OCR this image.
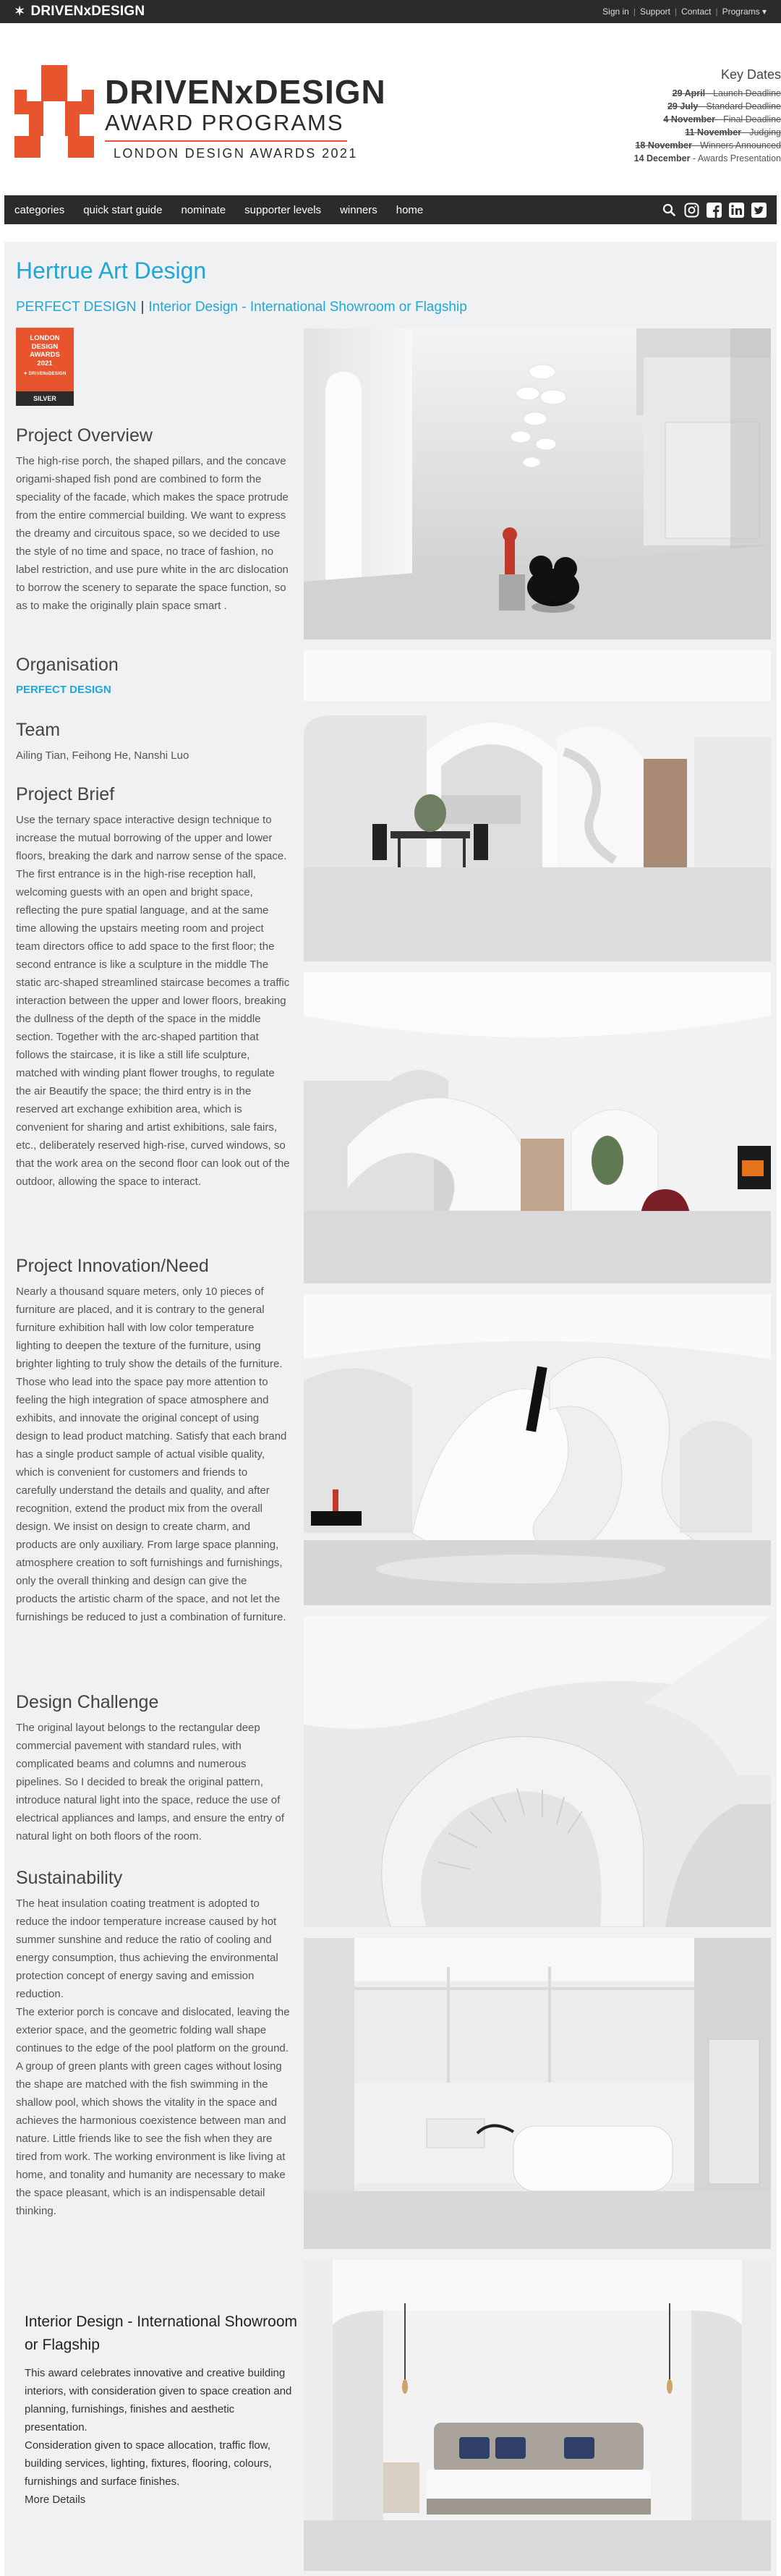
✶ DRIVENxDESIGN	Sign in | Support | Contact | Programs ▾
DRIVENxDESIGN
AWARD PROGRAMS
LONDON DESIGN AWARDS 2021
Key Dates
29 April - Launch Deadline
29 July - Standard Deadline
4 November - Final Deadline
11 November - Judging
18 November - Winners Announced
14 December - Awards Presentation
categories quick start guide nominate supporter levels winners home
Hertrue Art Design
PERFECT DESIGN | Interior Design - International Showroom or Flagship
LONDON
DESIGN
AWARDS
2021
✦ DRIVENxDESIGN
SILVER
Project Overview
The high-rise porch, the shaped pillars, and the concave origami-shaped fish pond are combined to form the speciality of the facade, which makes the space protrude from the entire commercial building. We want to express the dreamy and circuitous space, so we decided to use the style of no time and space, no trace of fashion, no label restriction, and use pure white in the arc dislocation to borrow the scenery to separate the space function, so as to make the originally plain space smart .
Organisation
PERFECT DESIGN
Team
Ailing Tian, Feihong He, Nanshi Luo
Project Brief
Use the ternary space interactive design technique to increase the mutual borrowing of the upper and lower floors, breaking the dark and narrow sense of the space. The first entrance is in the high-rise reception hall, welcoming guests with an open and bright space, reflecting the pure spatial language, and at the same time allowing the upstairs meeting room and project team directors office to add space to the first floor; the second entrance is like a sculpture in the middle The static arc-shaped streamlined staircase becomes a traffic interaction between the upper and lower floors, breaking the dullness of the depth of the space in the middle section. Together with the arc-shaped partition that follows the staircase, it is like a still life sculpture, matched with winding plant flower troughs, to regulate the air Beautify the space; the third entry is in the reserved art exchange exhibition area, which is convenient for sharing and artist exhibitions, sale fairs, etc., deliberately reserved high-rise, curved windows, so that the work area on the second floor can look out of the outdoor, allowing the space to interact.
Project Innovation/Need
Nearly a thousand square meters, only 10 pieces of furniture are placed, and it is contrary to the general furniture exhibition hall with low color temperature lighting to deepen the texture of the furniture, using brighter lighting to truly show the details of the furniture. Those who lead into the space pay more attention to feeling the high integration of space atmosphere and exhibits, and innovate the original concept of using design to lead product matching. Satisfy that each brand has a single product sample of actual visible quality, which is convenient for customers and friends to carefully understand the details and quality, and after recognition, extend the product mix from the overall design. We insist on design to create charm, and products are only auxiliary. From large space planning, atmosphere creation to soft furnishings and furnishings, only the overall thinking and design can give the products the artistic charm of the space, and not let the furnishings be reduced to just a combination of furniture.
Design Challenge
The original layout belongs to the rectangular deep commercial pavement with standard rules, with complicated beams and columns and numerous pipelines. So I decided to break the original pattern, introduce natural light into the space, reduce the use of electrical appliances and lamps, and ensure the entry of natural light on both floors of the room.
Sustainability
The heat insulation coating treatment is adopted to reduce the indoor temperature increase caused by hot summer sunshine and reduce the ratio of cooling and energy consumption, thus achieving the environmental protection concept of energy saving and emission reduction.
The exterior porch is concave and dislocated, leaving the exterior space, and the geometric folding wall shape continues to the edge of the pool platform on the ground. A group of green plants with green cages without losing the shape are matched with the fish swimming in the shallow pool, which shows the vitality in the space and achieves the harmonious coexistence between man and nature. Little friends like to see the fish when they are tired from work. The working environment is like living at home, and tonality and humanity are necessary to make the space pleasant, which is an indispensable detail thinking.
Interior Design - International Showroom or Flagship
This award celebrates innovative and creative building interiors, with consideration given to space creation and planning, furnishings, finishes and aesthetic presentation.
Consideration given to space allocation, traffic flow, building services, lighting, fixtures, flooring, colours, furnishings and surface finishes.
More Details
